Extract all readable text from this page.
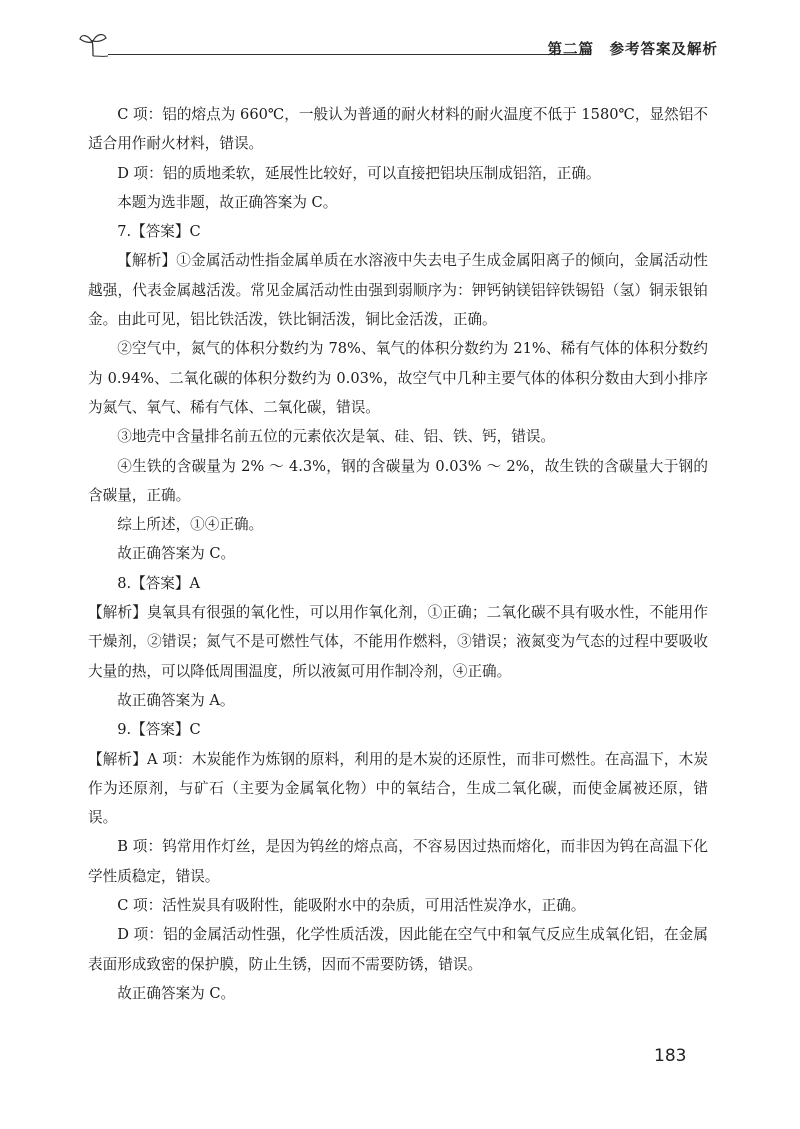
第二篇　参考答案及解析

C 项：铝的熔点为 660℃，一般认为普通的耐火材料的耐火温度不低于 1580℃，显然铝不适合用作耐火材料，错误。

D 项：铝的质地柔软，延展性比较好，可以直接把铝块压制成铝箔，正确。

本题为选非题，故正确答案为 C。

7.【答案】C

【解析】①金属活动性指金属单质在水溶液中失去电子生成金属阳离子的倾向，金属活动性越强，代表金属越活泼。常见金属活动性由强到弱顺序为：钾钙钠镁铝锌铁锡铅（氢）铜汞银铂金。由此可见，铝比铁活泼，铁比铜活泼，铜比金活泼，正确。

②空气中，氮气的体积分数约为 78%、氧气的体积分数约为 21%、稀有气体的体积分数约为 0.94%、二氧化碳的体积分数约为 0.03%，故空气中几种主要气体的体积分数由大到小排序为氮气、氧气、稀有气体、二氧化碳，错误。

③地壳中含量排名前五位的元素依次是氧、硅、铝、铁、钙，错误。

④生铁的含碳量为 2% ～ 4.3%，钢的含碳量为 0.03% ～ 2%，故生铁的含碳量大于钢的含碳量，正确。

综上所述，①④正确。

故正确答案为 C。

8.【答案】A

【解析】臭氧具有很强的氧化性，可以用作氧化剂，①正确；二氧化碳不具有吸水性，不能用作干燥剂，②错误；氮气不是可燃性气体，不能用作燃料，③错误；液氮变为气态的过程中要吸收大量的热，可以降低周围温度，所以液氮可用作制冷剂，④正确。

故正确答案为 A。

9.【答案】C

【解析】A 项：木炭能作为炼钢的原料，利用的是木炭的还原性，而非可燃性。在高温下，木炭作为还原剂，与矿石（主要为金属氧化物）中的氧结合，生成二氧化碳，而使金属被还原，错误。

B 项：钨常用作灯丝，是因为钨丝的熔点高，不容易因过热而熔化，而非因为钨在高温下化学性质稳定，错误。

C 项：活性炭具有吸附性，能吸附水中的杂质，可用活性炭净水，正确。

D 项：铝的金属活动性强，化学性质活泼，因此能在空气中和氧气反应生成氧化铝，在金属表面形成致密的保护膜，防止生锈，因而不需要防锈，错误。

故正确答案为 C。

183
